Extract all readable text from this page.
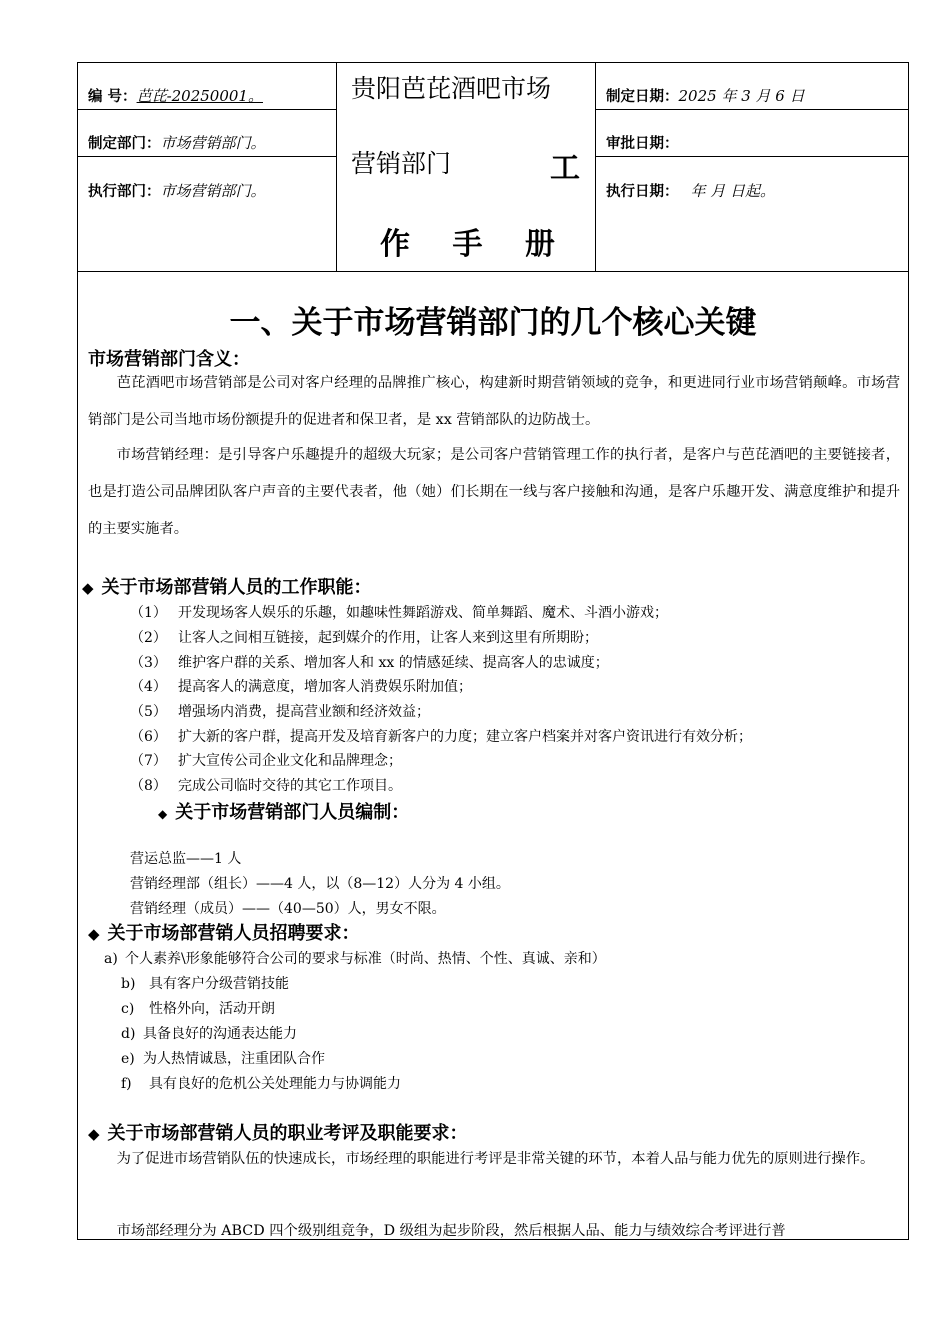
编 号：芭芘-20250001。
制定部门：市场营销部门。
执行部门：市场营销部门。
贵阳芭芘酒吧市场
营销部门	工
作 手 册
制定日期：2025 年 3 月 6 日
审批日期：
执行日期： 年 月 日起。
一、关于市场营销部门的几个核心关键
市场营销部门含义：
芭芘酒吧市场营销部是公司对客户经理的品牌推广核心，构建新时期营销领域的竞争，和更进同行业市场营销颠峰。市场营销部门是公司当地市场份额提升的促进者和保卫者，是 xx 营销部队的边防战士。
市场营销经理：是引导客户乐趣提升的超级大玩家；是公司客户营销管理工作的执行者，是客户与芭芘酒吧的主要链接者，也是打造公司品牌团队客户声音的主要代表者，他（她）们长期在一线与客户接触和沟通，是客户乐趣开发、满意度维护和提升的主要实施者。
◆ 关于市场部营销人员的工作职能：
（1） 开发现场客人娱乐的乐趣，如趣味性舞蹈游戏、简单舞蹈、魔术、斗酒小游戏；
（2） 让客人之间相互链接，起到媒介的作用，让客人来到这里有所期盼；
（3） 维护客户群的关系、增加客人和 xx 的情感延续、提高客人的忠诚度；
（4） 提高客人的满意度，增加客人消费娱乐附加值；
（5） 增强场内消费，提高营业额和经济效益；
（6） 扩大新的客户群，提高开发及培育新客户的力度；建立客户档案并对客户资讯进行有效分析；
（7） 扩大宣传公司企业文化和品牌理念；
（8） 完成公司临时交待的其它工作项目。
◆ 关于市场营销部门人员编制：
营运总监——1 人
营销经理部（组长）——4 人，以（8—12）人分为 4 小组。
营销经理（成员）——（40—50）人，男女不限。
◆ 关于市场部营销人员招聘要求：
a) 个人素养\形象能够符合公司的要求与标准（时尚、热情、个性、真诚、亲和）
b) 具有客户分级营销技能
c) 性格外向，活动开朗
d) 具备良好的沟通表达能力
e) 为人热情诚恳，注重团队合作
f) 具有良好的危机公关处理能力与协调能力
◆ 关于市场部营销人员的职业考评及职能要求：
为了促进市场营销队伍的快速成长，市场经理的职能进行考评是非常关键的环节，本着人品与能力优先的原则进行操作。
市场部经理分为 ABCD 四个级别组竞争，D 级组为起步阶段，然后根据人品、能力与绩效综合考评进行普
